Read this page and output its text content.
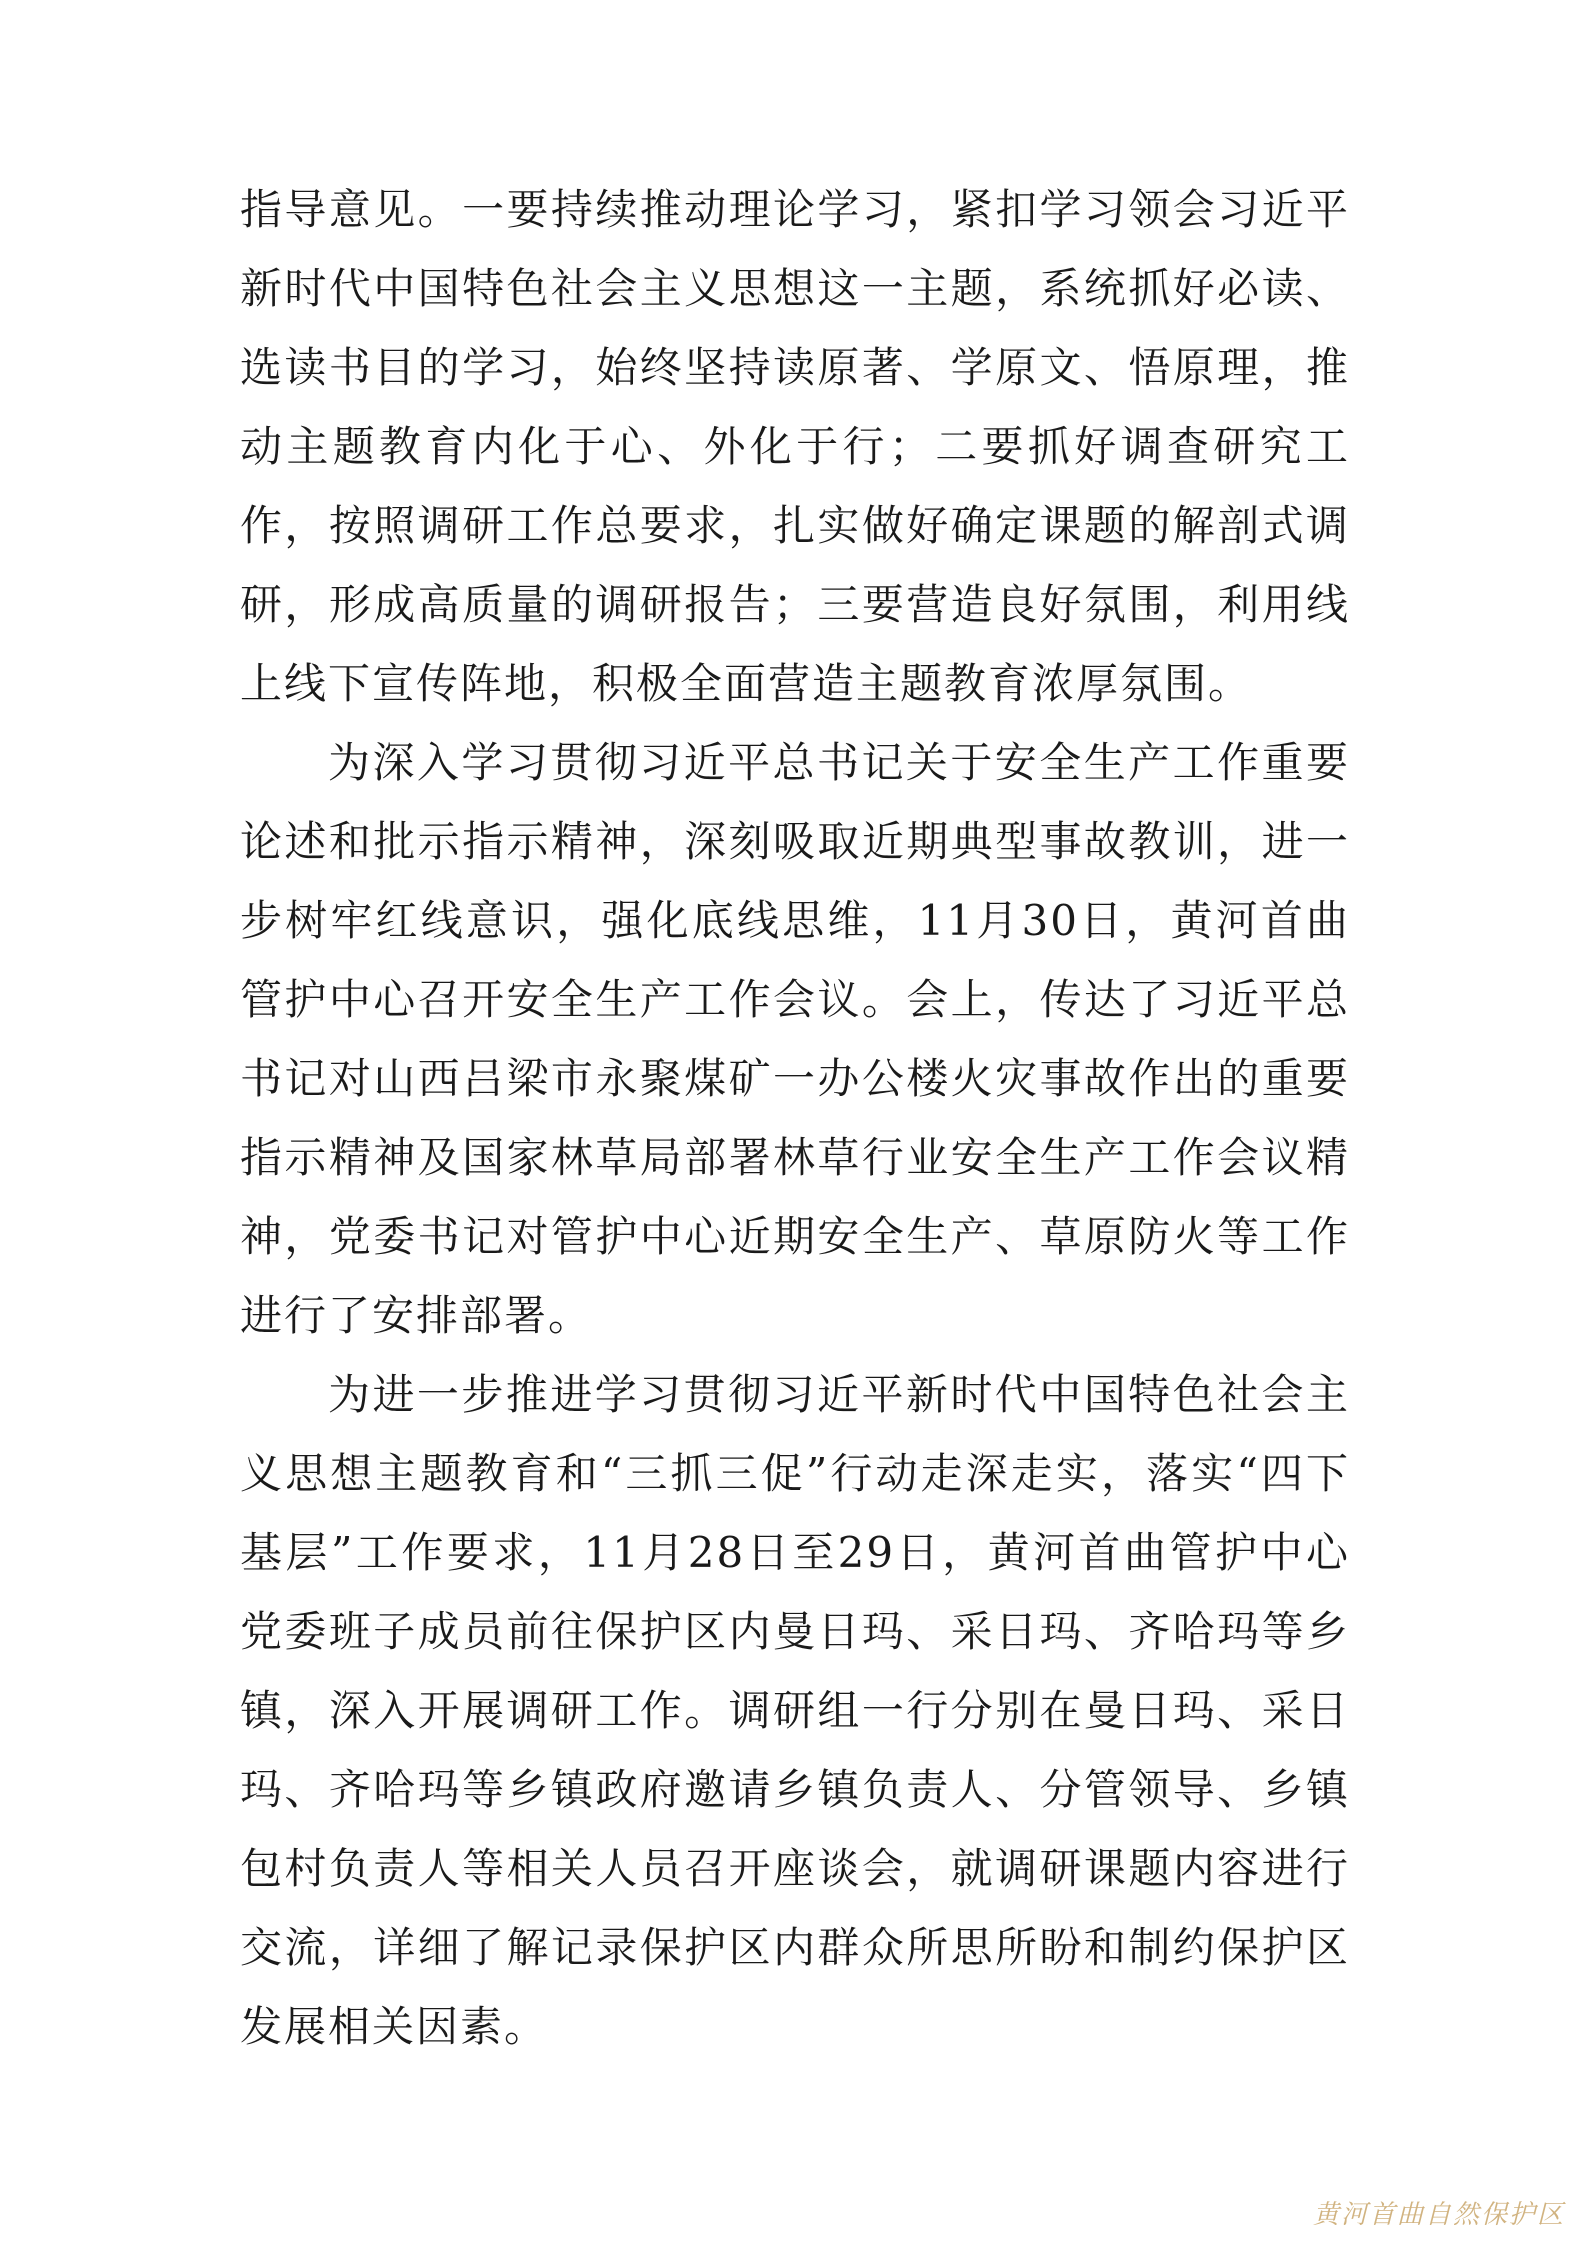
指导意见。一要持续推动理论学习，紧扣学习领会习近平新时代中国特色社会主义思想这一主题，系统抓好必读、选读书目的学习，始终坚持读原著、学原文、悟原理，推动主题教育内化于心、外化于行；二要抓好调查研究工作，按照调研工作总要求，扎实做好确定课题的解剖式调研，形成高质量的调研报告；三要营造良好氛围，利用线上线下宣传阵地，积极全面营造主题教育浓厚氛围。

为深入学习贯彻习近平总书记关于安全生产工作重要论述和批示指示精神，深刻吸取近期典型事故教训，进一步树牢红线意识，强化底线思维，11月30日，黄河首曲管护中心召开安全生产工作会议。会上，传达了习近平总书记对山西吕梁市永聚煤矿一办公楼火灾事故作出的重要指示精神及国家林草局部署林草行业安全生产工作会议精神，党委书记对管护中心近期安全生产、草原防火等工作进行了安排部署。

为进一步推进学习贯彻习近平新时代中国特色社会主义思想主题教育和“三抓三促”行动走深走实，落实“四下基层”工作要求，11月28日至29日，黄河首曲管护中心党委班子成员前往保护区内曼日玛、采日玛、齐哈玛等乡镇，深入开展调研工作。调研组一行分别在曼日玛、采日玛、齐哈玛等乡镇政府邀请乡镇负责人、分管领导、乡镇包村负责人等相关人员召开座谈会，就调研课题内容进行交流，详细了解记录保护区内群众所思所盼和制约保护区发展相关因素。

黄河首曲自然保护区
